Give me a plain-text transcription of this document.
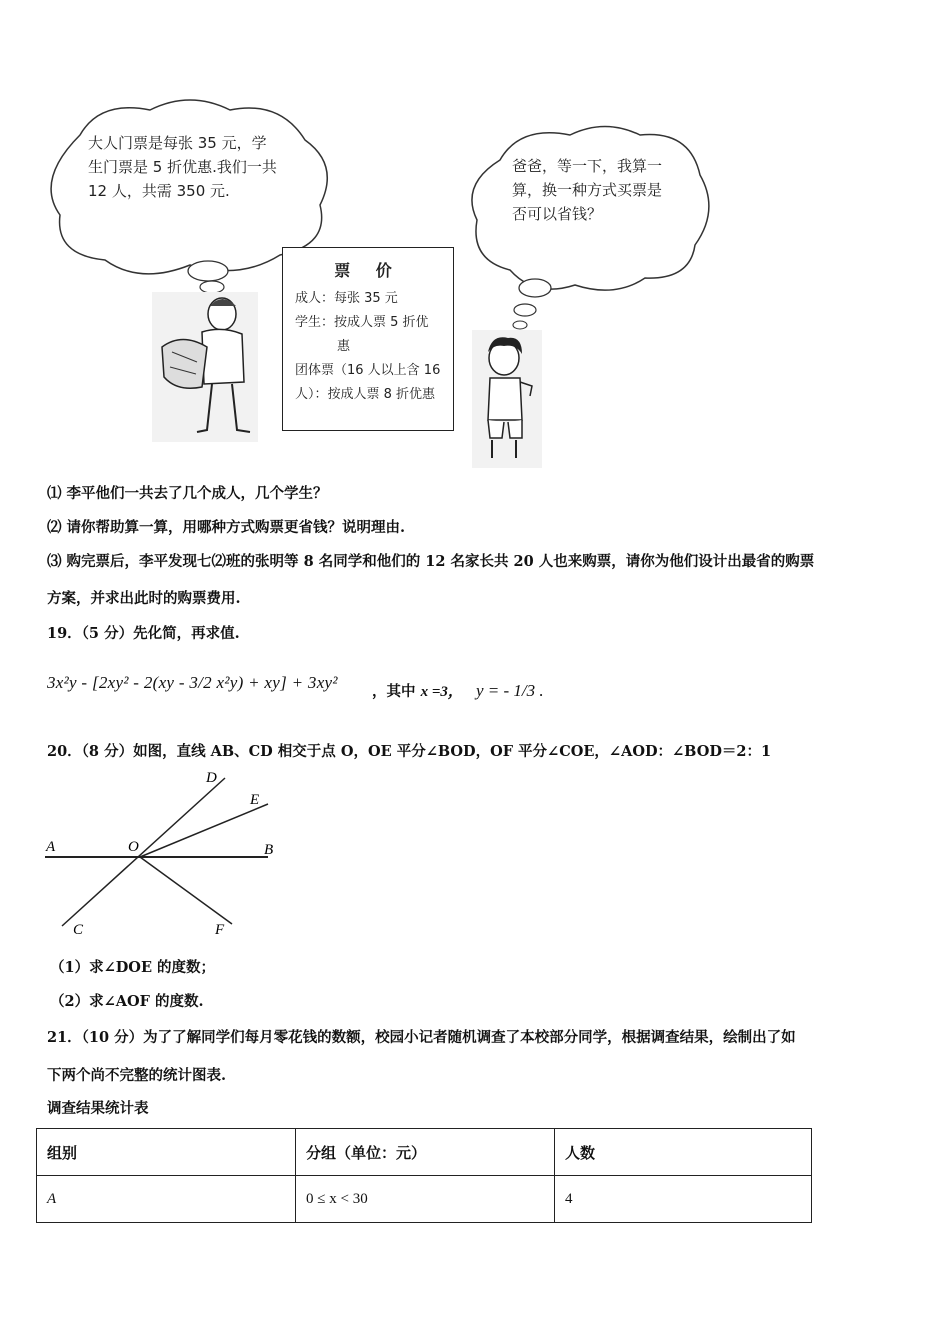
大人门票是每张 35 元，学生门票是 5 折优惠.我们一共 12 人，共需 350 元.
爸爸，等一下，我算一算，换一种方式买票是否可以省钱？
票 价
成人：每张 35 元
学生：按成人票 5 折优
惠
团体票（16 人以上含 16
人）：按成人票 8 折优惠
⑴ 李平他们一共去了几个成人，几个学生？
⑵ 请你帮助算一算，用哪种方式购票更省钱？说明理由.
⑶ 购完票后，李平发现七⑵班的张明等 8 名同学和他们的 12 名家长共 20 人也来购票，请你为他们设计出最省的购票
方案，并求出此时的购票费用.
19．（5 分）先化简，再求值.
3x²y - [2xy² - 2(xy - 3/2 x²y) + xy] + 3xy² ，其中 x =3， y = - 1/3 .
20．（8 分）如图，直线 AB、CD 相交于点 O，OE 平分∠BOD，OF 平分∠COE，∠AOD：∠BOD＝2：1
A	O	B
D
E
C	F
（1）求∠DOE 的度数；
（2）求∠AOF 的度数.
21．（10 分）为了了解同学们每月零花钱的数额，校园小记者随机调查了本校部分同学，根据调查结果，绘制出了如
下两个尚不完整的统计图表.
调查结果统计表
组别	分组（单位：元）	人数
A	0 ≤ x < 30	4
